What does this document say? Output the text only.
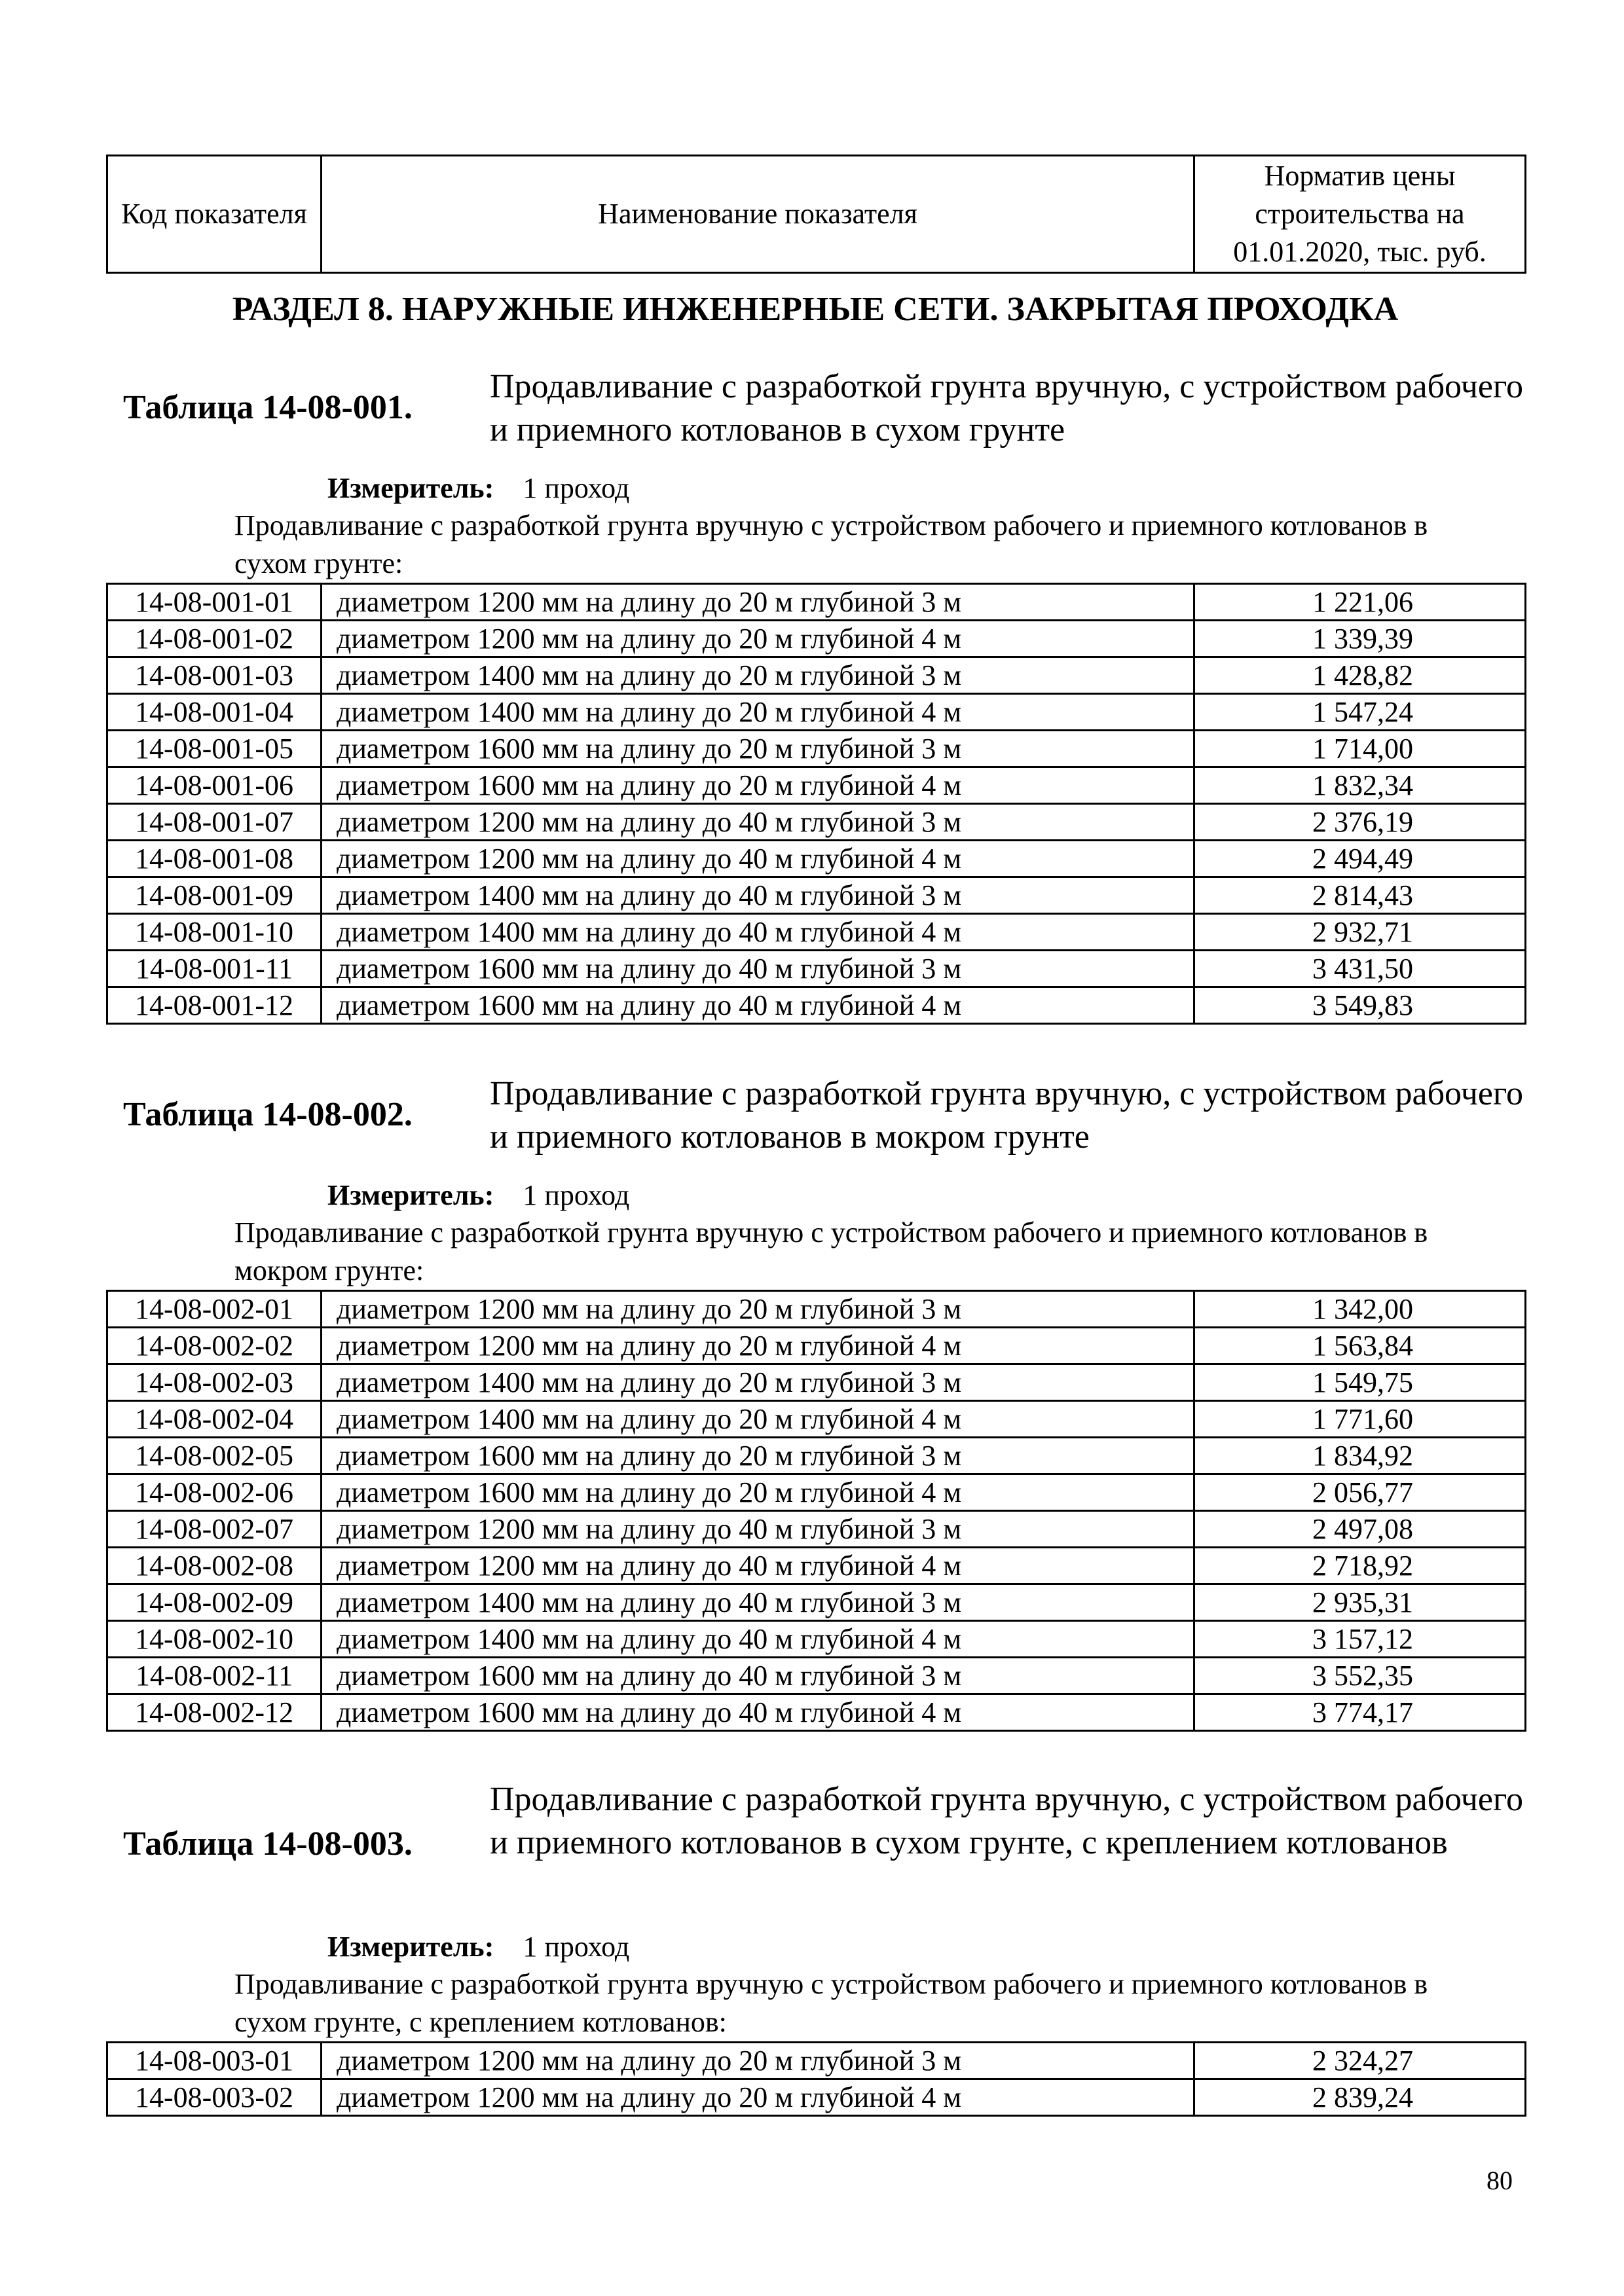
Код показателя	Наименование показателя	Норматив цены строительства на 01.01.2020, тыс. руб.
РАЗДЕЛ 8. НАРУЖНЫЕ ИНЖЕНЕРНЫЕ СЕТИ. ЗАКРЫТАЯ ПРОХОДКА
Таблица 14-08-001.
Продавливание с разработкой грунта вручную, с устройством рабочего и приемного котлованов в сухом грунте
Измеритель: 1 проход
Продавливание с разработкой грунта вручную с устройством рабочего и приемного котлованов в сухом грунте:
14-08-001-01	диаметром 1200 мм на длину до 20 м глубиной 3 м	1 221,06
14-08-001-02	диаметром 1200 мм на длину до 20 м глубиной 4 м	1 339,39
14-08-001-03	диаметром 1400 мм на длину до 20 м глубиной 3 м	1 428,82
14-08-001-04	диаметром 1400 мм на длину до 20 м глубиной 4 м	1 547,24
14-08-001-05	диаметром 1600 мм на длину до 20 м глубиной 3 м	1 714,00
14-08-001-06	диаметром 1600 мм на длину до 20 м глубиной 4 м	1 832,34
14-08-001-07	диаметром 1200 мм на длину до 40 м глубиной 3 м	2 376,19
14-08-001-08	диаметром 1200 мм на длину до 40 м глубиной 4 м	2 494,49
14-08-001-09	диаметром 1400 мм на длину до 40 м глубиной 3 м	2 814,43
14-08-001-10	диаметром 1400 мм на длину до 40 м глубиной 4 м	2 932,71
14-08-001-11	диаметром 1600 мм на длину до 40 м глубиной 3 м	3 431,50
14-08-001-12	диаметром 1600 мм на длину до 40 м глубиной 4 м	3 549,83
Таблица 14-08-002.
Продавливание с разработкой грунта вручную, с устройством рабочего и приемного котлованов в мокром грунте
Измеритель: 1 проход
Продавливание с разработкой грунта вручную с устройством рабочего и приемного котлованов в мокром грунте:
14-08-002-01	диаметром 1200 мм на длину до 20 м глубиной 3 м	1 342,00
14-08-002-02	диаметром 1200 мм на длину до 20 м глубиной 4 м	1 563,84
14-08-002-03	диаметром 1400 мм на длину до 20 м глубиной 3 м	1 549,75
14-08-002-04	диаметром 1400 мм на длину до 20 м глубиной 4 м	1 771,60
14-08-002-05	диаметром 1600 мм на длину до 20 м глубиной 3 м	1 834,92
14-08-002-06	диаметром 1600 мм на длину до 20 м глубиной 4 м	2 056,77
14-08-002-07	диаметром 1200 мм на длину до 40 м глубиной 3 м	2 497,08
14-08-002-08	диаметром 1200 мм на длину до 40 м глубиной 4 м	2 718,92
14-08-002-09	диаметром 1400 мм на длину до 40 м глубиной 3 м	2 935,31
14-08-002-10	диаметром 1400 мм на длину до 40 м глубиной 4 м	3 157,12
14-08-002-11	диаметром 1600 мм на длину до 40 м глубиной 3 м	3 552,35
14-08-002-12	диаметром 1600 мм на длину до 40 м глубиной 4 м	3 774,17
Таблица 14-08-003.
Продавливание с разработкой грунта вручную, с устройством рабочего и приемного котлованов в сухом грунте, с креплением котлованов
Измеритель: 1 проход
Продавливание с разработкой грунта вручную с устройством рабочего и приемного котлованов в сухом грунте, с креплением котлованов:
14-08-003-01	диаметром 1200 мм на длину до 20 м глубиной 3 м	2 324,27
14-08-003-02	диаметром 1200 мм на длину до 20 м глубиной 4 м	2 839,24
80
